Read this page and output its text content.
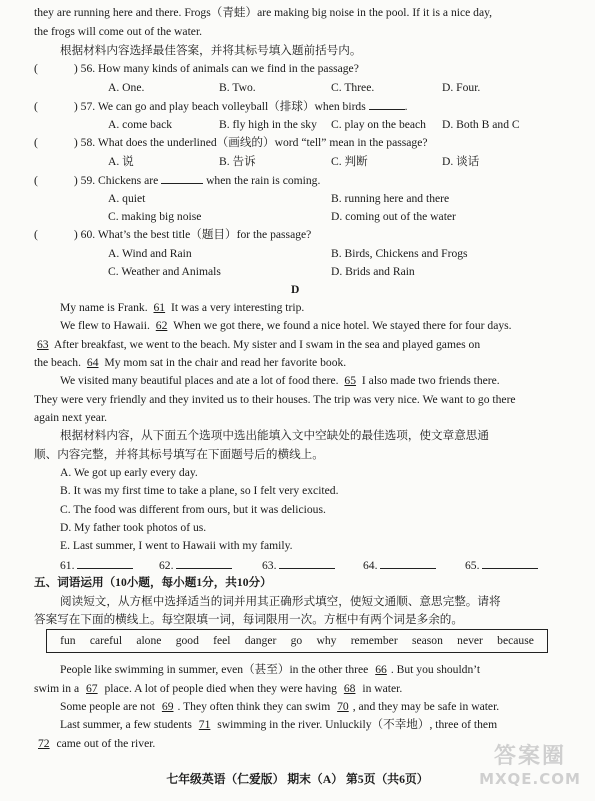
they are running here and there. Frogs（青蛙）are making big noise in the pool. If it is a nice day,
the frogs will come out of the water.
根据材料内容选择最佳答案，并将其标号填入题前括号内。
(	) 56. How many kinds of animals can we find in the passage?
A. One.	B. Two.	C. Three.	D. Four.
(	) 57. We can go and play beach volleyball（排球）when birds	.
A. come back	B. fly high in the sky C. play on the beach D. Both B and C
(	) 58. What does the underlined（画线的）word “tell” mean in the passage?
A. 说	B. 告诉	C. 判断	D. 谈话
(	) 59. Chickens are	when the rain is coming.
A. quiet	B. running here and there
C. making big noise	D. coming out of the water
(	) 60. What’s the best title（题目）for the passage?
A. Wind and Rain	B. Birds, Chickens and Frogs
C. Weather and Animals	D. Brids and Rain
D
My name is Frank. 61 It was a very interesting trip.
We flew to Hawaii. 62 When we got there, we found a nice hotel. We stayed there for four days.
63 After breakfast, we went to the beach. My sister and I swam in the sea and played games on
the beach. 64 My mom sat in the chair and read her favorite book.
We visited many beautiful places and ate a lot of food there. 65 I also made two friends there.
They were very friendly and they invited us to their houses. The trip was very nice. We want to go there
again next year.
根据材料内容，从下面五个选项中选出能填入文中空缺处的最佳选项，使文章意思通
顺、内容完整，并将其标号填写在下面题号后的横线上。
A. We got up early every day.
B. It was my first time to take a plane, so I felt very excited.
C. The food was different from ours, but it was delicious.
D. My father took photos of us.
E. Last summer, I went to Hawaii with my family.
61.	62.	63.	64.	65.
五、词语运用（10小题，每小题1分，共10分）
阅读短文，从方框中选择适当的词并用其正确形式填空，使短文通顺、意思完整。请将
答案写在下面的横线上。每空限填一词，每词限用一次。方框中有两个词是多余的。
fun careful alone good feel danger go why remember season never because
People like swimming in summer, even（甚至）in the other three 66 . But you shouldn’t
swim in a 67 place. A lot of people died when they were having 68 in water.
Some people are not 69 . They often think they can swim 70 , and they may be safe in water.
Last summer, a few students 71 swimming in the river. Unluckily（不幸地）, three of them
72 came out of the river.
七年级英语（仁爱版） 期末（A） 第5页（共6页）
答案圈
MXQE.COM
